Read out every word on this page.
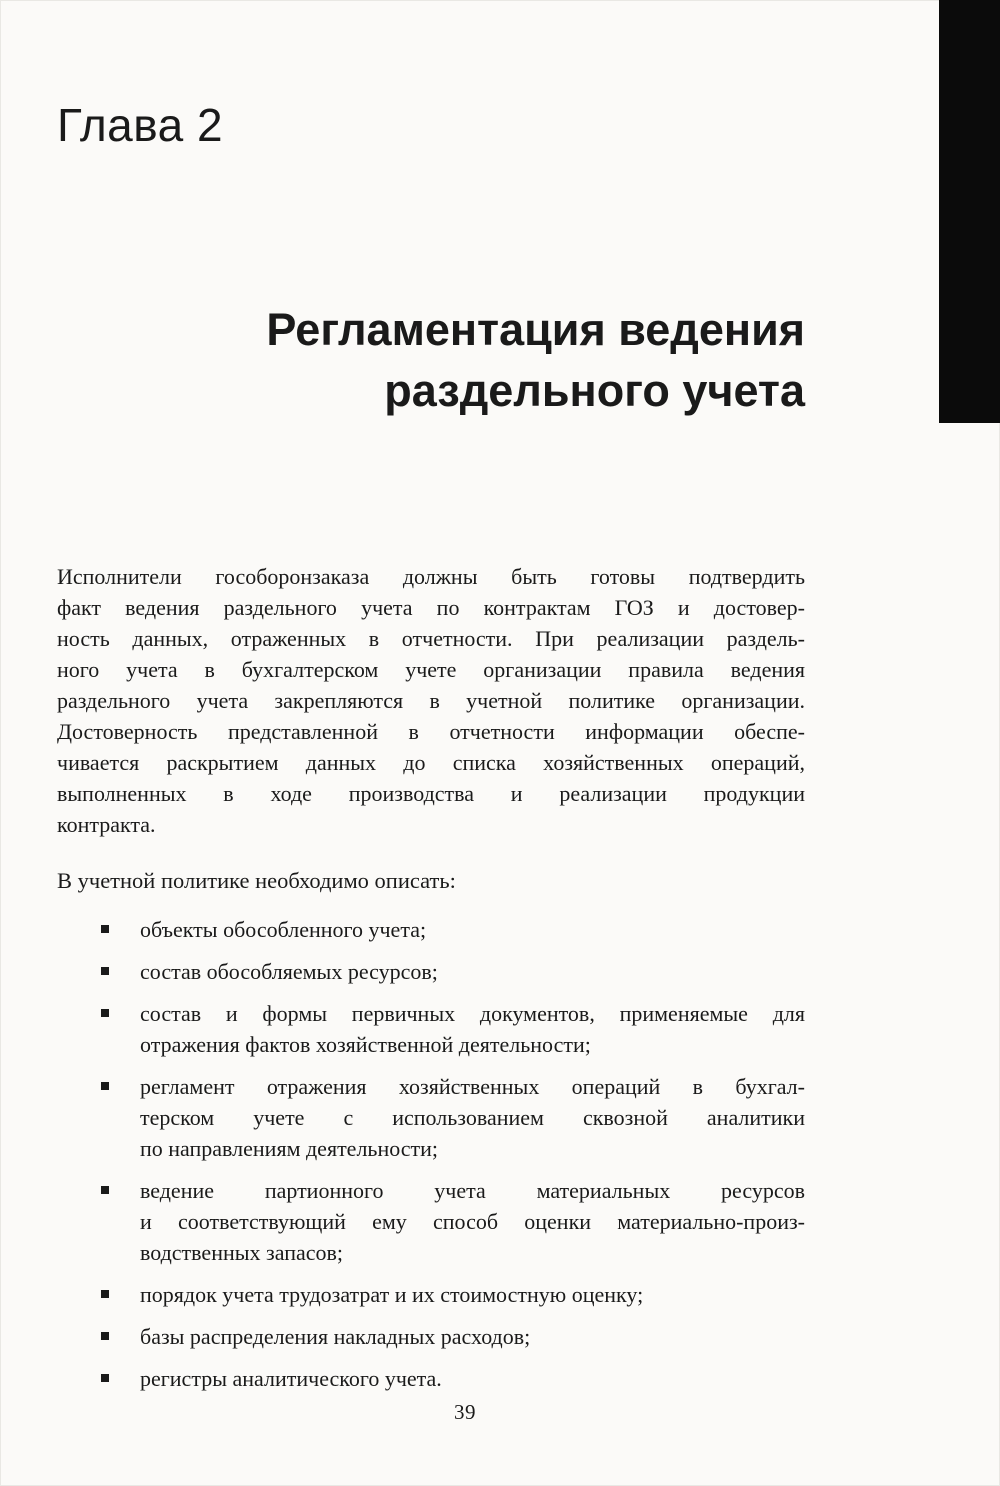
Глава 2
Регламентация ведения
раздельного учета
Исполнители гособоронзаказа должны быть готовы подтвердить
факт ведения раздельного учета по контрактам ГОЗ и достовер-
ность данных, отраженных в отчетности. При реализации раздель-
ного учета в бухгалтерском учете организации правила ведения
раздельного учета закрепляются в учетной политике организации.
Достоверность представленной в отчетности информации обеспе-
чивается раскрытием данных до списка хозяйственных операций,
выполненных в ходе производства и реализации продукции
контракта.

В учетной политике необходимо описать:

объекты обособленного учета;
состав обособляемых ресурсов;
состав и формы первичных документов, применяемые для
отражения фактов хозяйственной деятельности;
регламент отражения хозяйственных операций в бухгал-
терском учете с использованием сквозной аналитики
по направлениям деятельности;
ведение партионного учета материальных ресурсов
и соответствующий ему способ оценки материально-произ-
водственных запасов;
порядок учета трудозатрат и их стоимостную оценку;
базы распределения накладных расходов;
регистры аналитического учета.
39
